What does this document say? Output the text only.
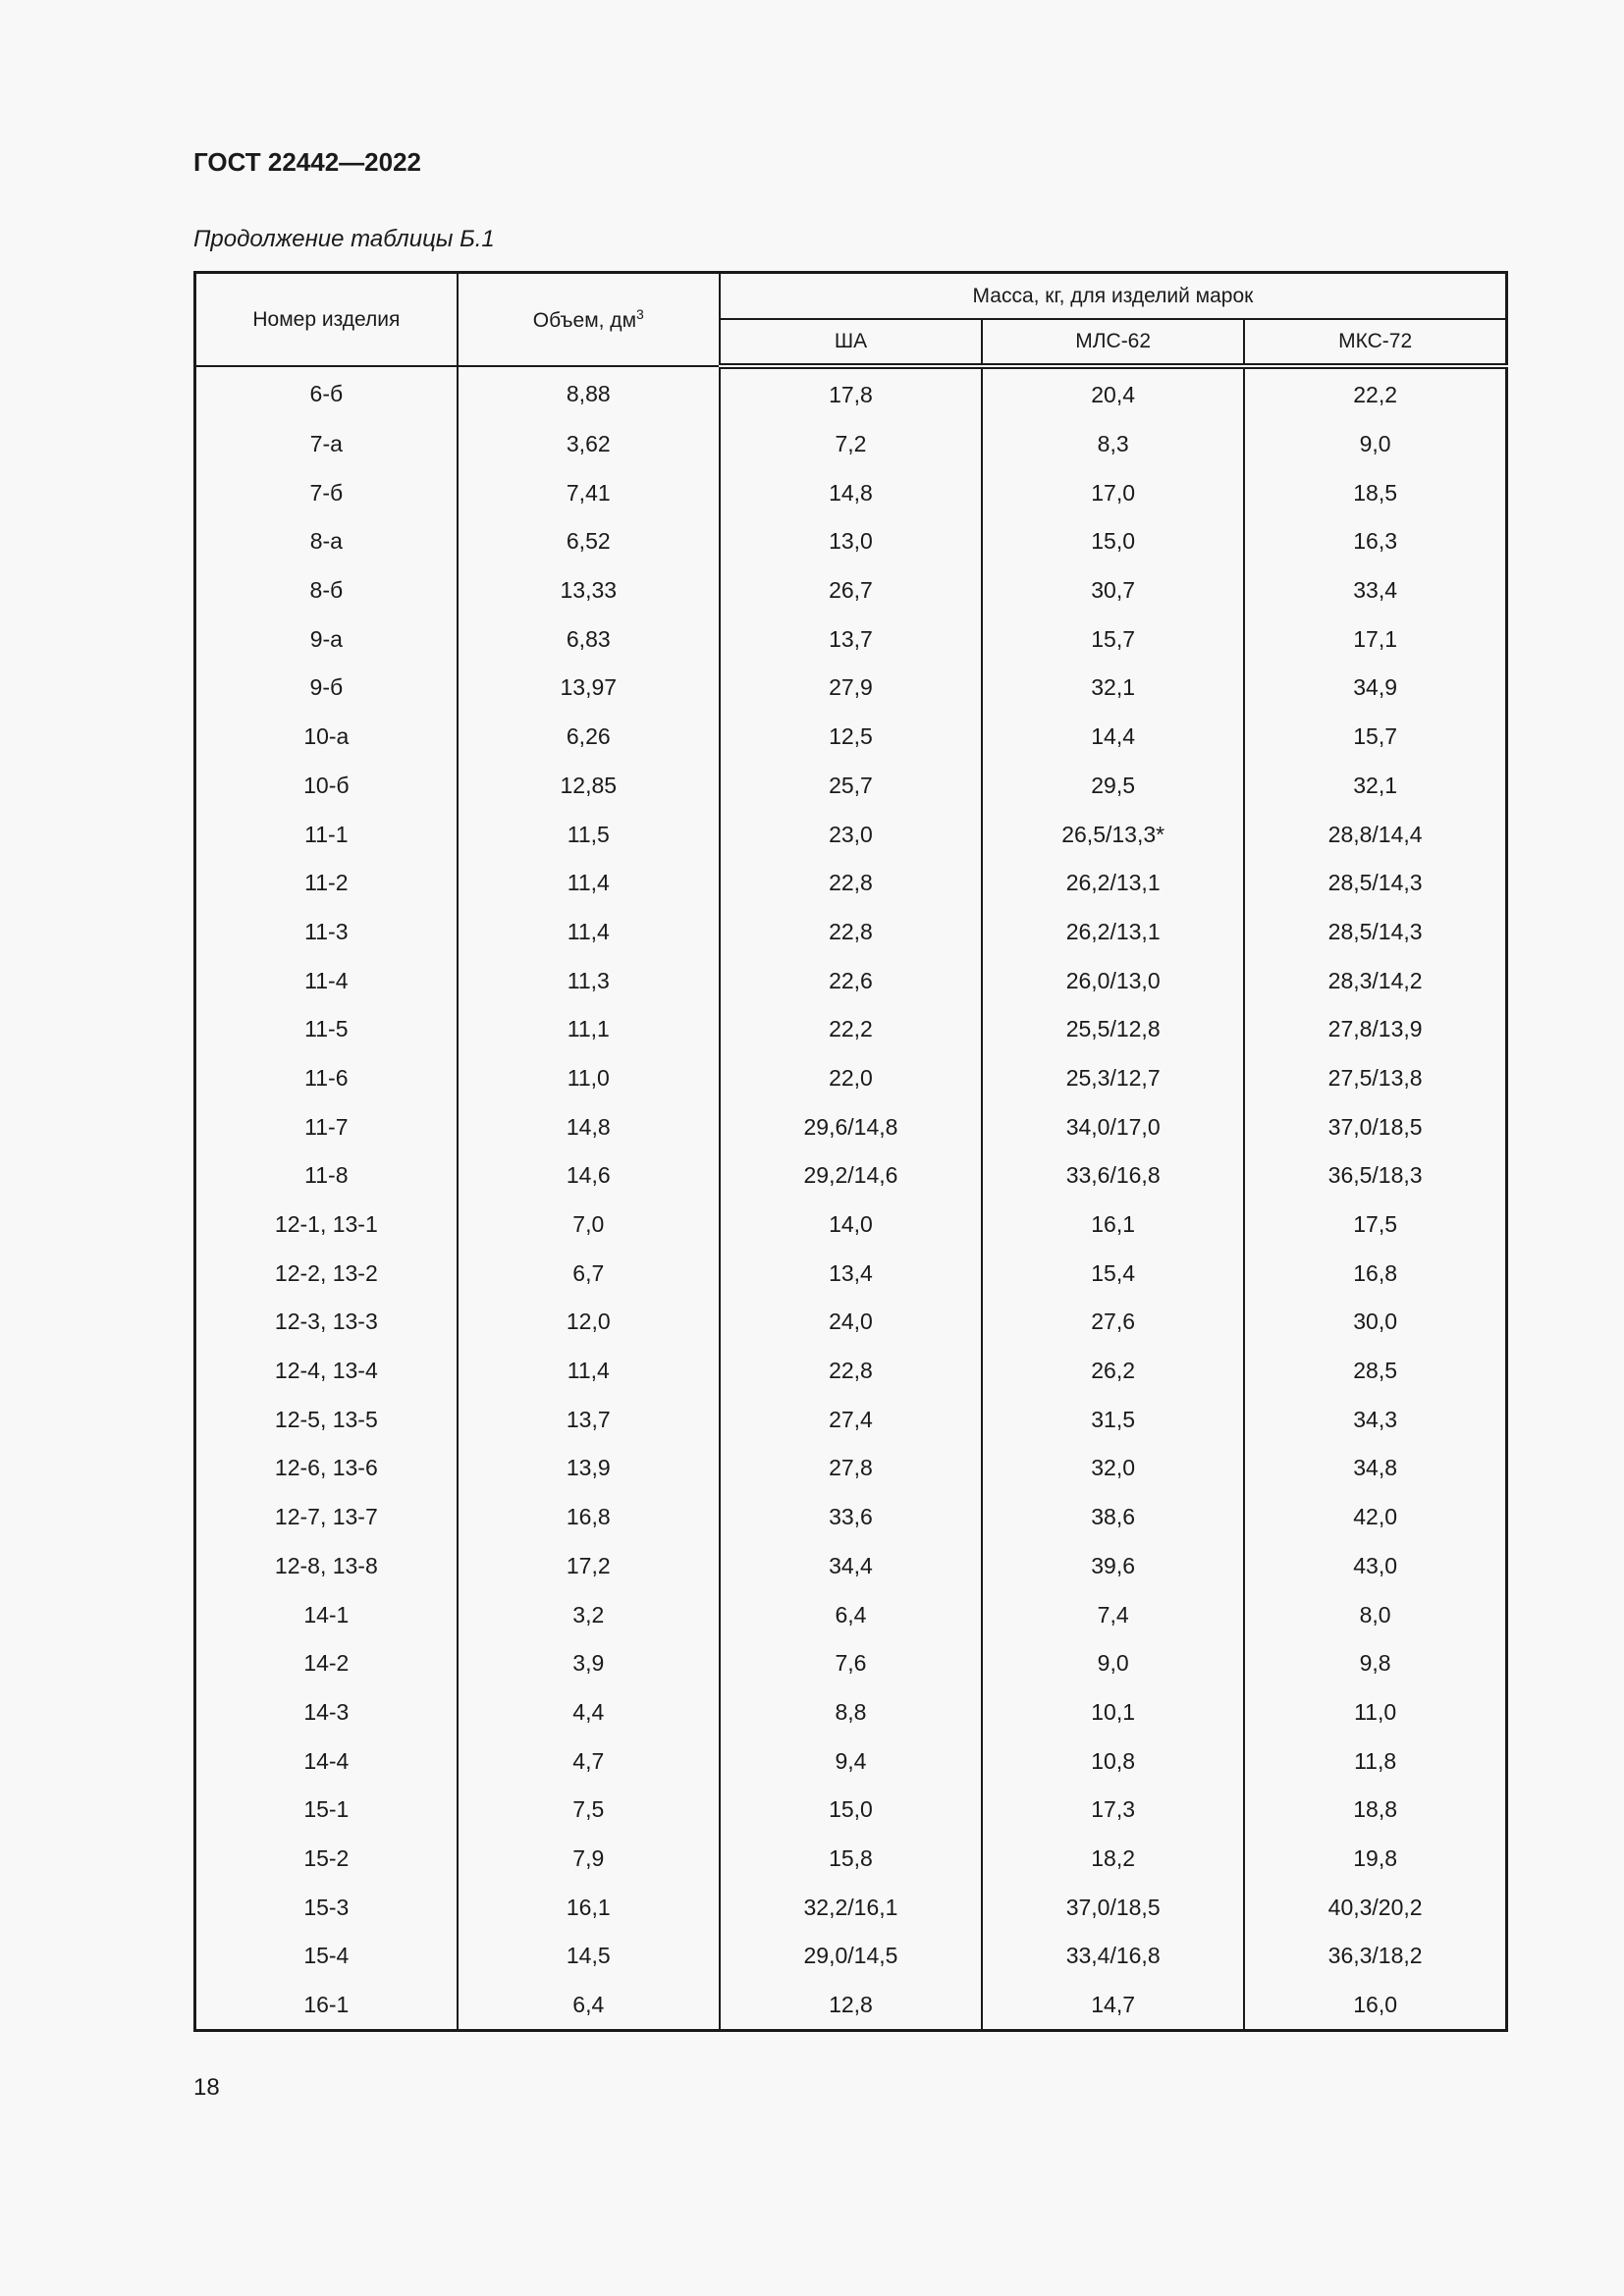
ГОСТ 22442—2022
Продолжение таблицы Б.1
Номер изделия	Объем, $дм^3$	Масса, кг, для изделий марок		
		ША	МЛС-62	МКС-72
6-б	8,88	17,8	20,4	22,2
7-а	3,62	7,2	8,3	9,0
7-б	7,41	14,8	17,0	18,5
8-а	6,52	13,0	15,0	16,3
8-б	13,33	26,7	30,7	33,4
9-а	6,83	13,7	15,7	17,1
9-б	13,97	27,9	32,1	34,9
10-а	6,26	12,5	14,4	15,7
10-б	12,85	25,7	29,5	32,1
11-1	11,5	23,0	26,5/13,3*	28,8/14,4
11-2	11,4	22,8	26,2/13,1	28,5/14,3
11-3	11,4	22,8	26,2/13,1	28,5/14,3
11-4	11,3	22,6	26,0/13,0	28,3/14,2
11-5	11,1	22,2	25,5/12,8	27,8/13,9
11-6	11,0	22,0	25,3/12,7	27,5/13,8
11-7	14,8	29,6/14,8	34,0/17,0	37,0/18,5
11-8	14,6	29,2/14,6	33,6/16,8	36,5/18,3
12-1, 13-1	7,0	14,0	16,1	17,5
12-2, 13-2	6,7	13,4	15,4	16,8
12-3, 13-3	12,0	24,0	27,6	30,0
12-4, 13-4	11,4	22,8	26,2	28,5
12-5, 13-5	13,7	27,4	31,5	34,3
12-6, 13-6	13,9	27,8	32,0	34,8
12-7, 13-7	16,8	33,6	38,6	42,0
12-8, 13-8	17,2	34,4	39,6	43,0
14-1	3,2	6,4	7,4	8,0
14-2	3,9	7,6	9,0	9,8
14-3	4,4	8,8	10,1	11,0
14-4	4,7	9,4	10,8	11,8
15-1	7,5	15,0	17,3	18,8
15-2	7,9	15,8	18,2	19,8
15-3	16,1	32,2/16,1	37,0/18,5	40,3/20,2
15-4	14,5	29,0/14,5	33,4/16,8	36,3/18,2
16-1	6,4	12,8	14,7	16,0
18
